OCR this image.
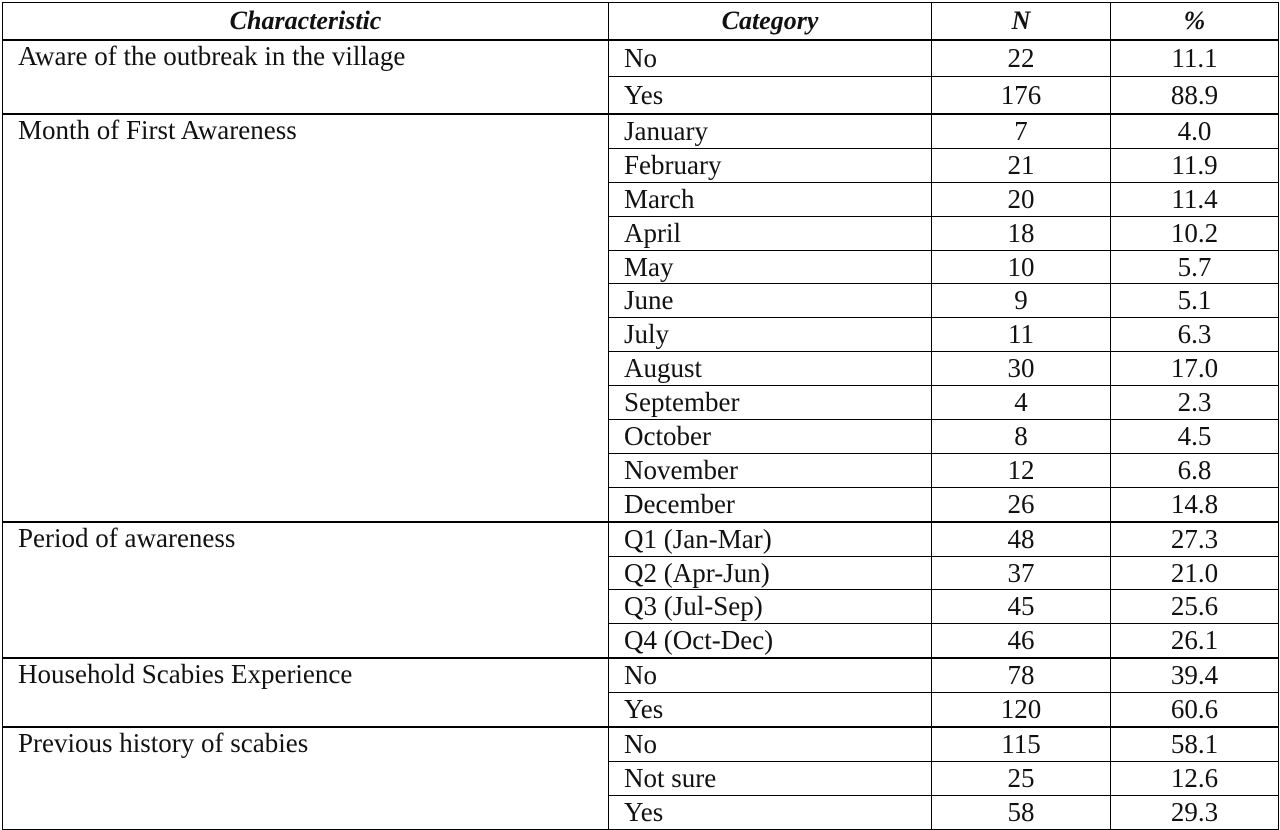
Characteristic	Category	N	%
Aware of the outbreak in the village	No	22	11.1
	Yes	176	88.9
Month of First Awareness	January	7	4.0
	February	21	11.9
	March	20	11.4
	April	18	10.2
	May	10	5.7
	June	9	5.1
	July	11	6.3
	August	30	17.0
	September	4	2.3
	October	8	4.5
	November	12	6.8
	December	26	14.8
Period of awareness	Q1 (Jan-Mar)	48	27.3
	Q2 (Apr-Jun)	37	21.0
	Q3 (Jul-Sep)	45	25.6
	Q4 (Oct-Dec)	46	26.1
Household Scabies Experience	No	78	39.4
	Yes	120	60.6
Previous history of scabies	No	115	58.1
	Not sure	25	12.6
	Yes	58	29.3
